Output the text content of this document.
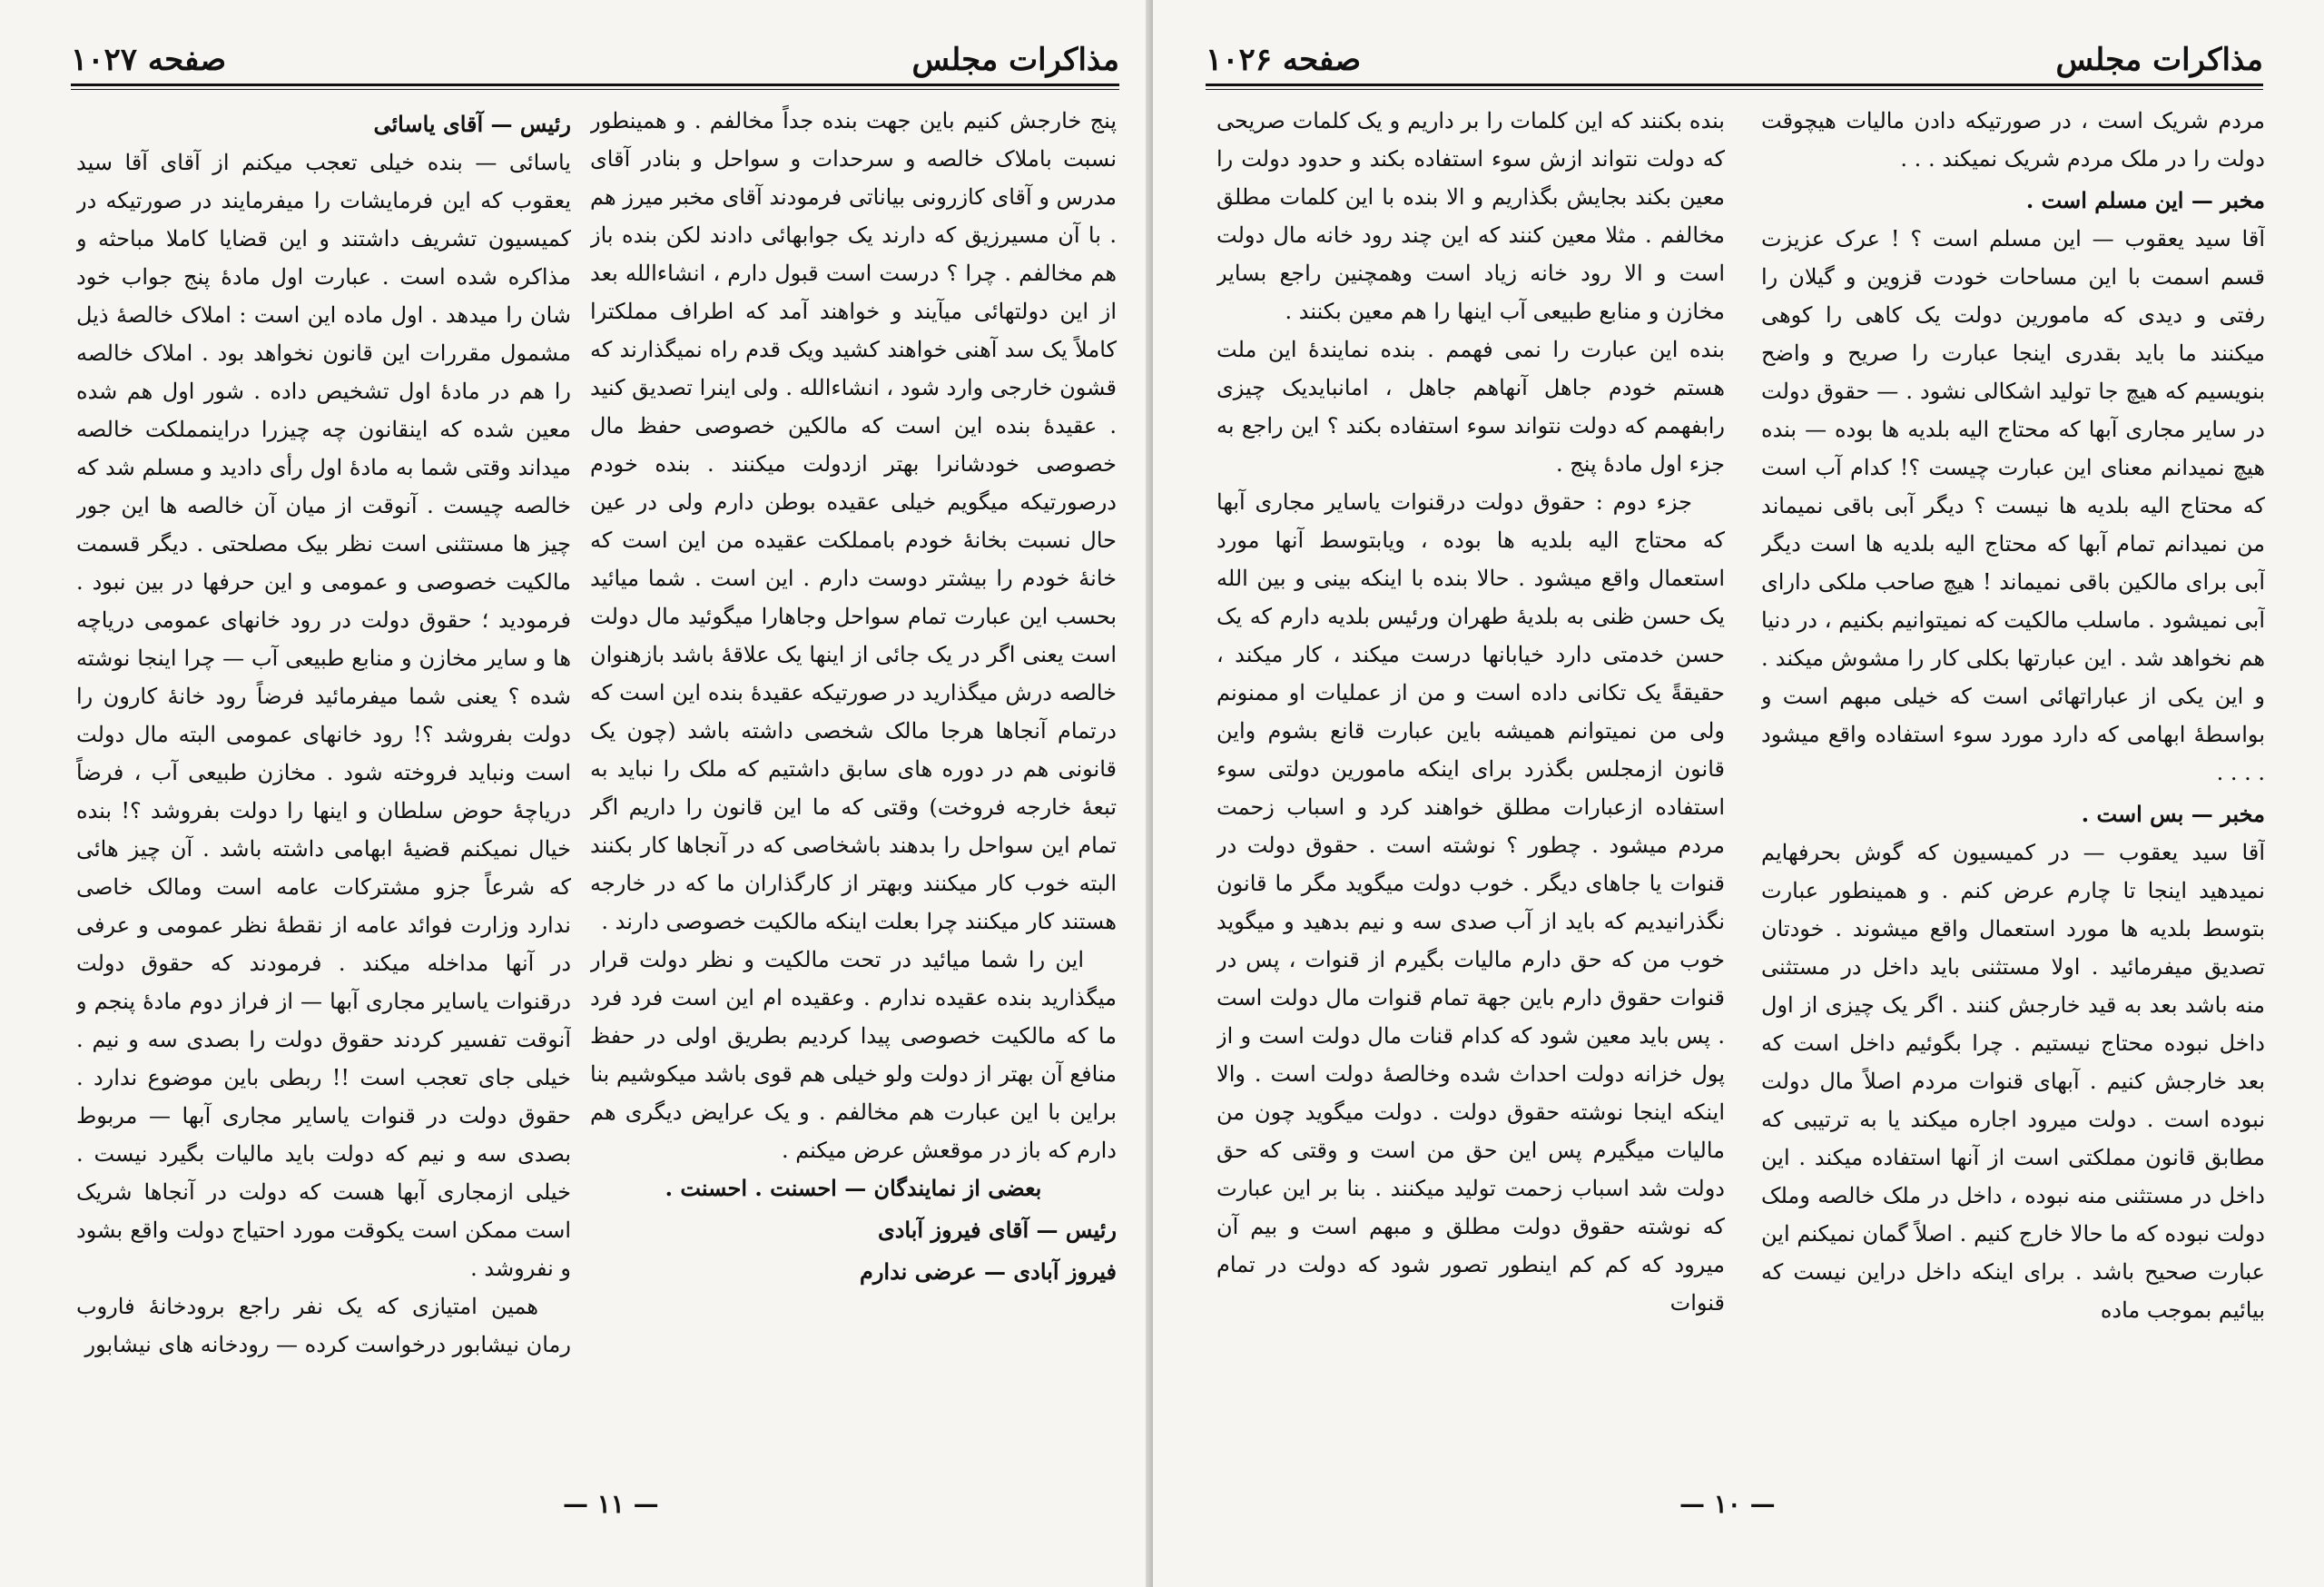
مذاکرات مجلس
صفحه ۱۰۲۷

پنج خارجش کنیم باین جهت بنده جداً مخالفم . و همینطور نسبت باملاک خالصه و سرحدات و سواحل و بنادر آقای مدرس و آقای کازرونی بیاناتی فرمودند آقای مخبر میرز هم . با آن مسیرزیق که دارند یک جوابهائی دادند لکن بنده باز هم مخالفم . چرا ؟ درست است قبول دارم ، انشاءالله بعد از این دولتهائی میآیند و خواهند آمد که اطراف مملکترا کاملاً یک سد آهنی خواهند کشید ویک قدم راه نمیگذارند که قشون خارجی وارد شود ، انشاءالله . ولی اینرا تصدیق کنید . عقیدهٔ بنده این است که مالکین خصوصی حفظ مال خصوصی خودشانرا بهتر ازدولت میکنند . بنده خودم درصورتیکه میگویم خیلی عقیده بوطن دارم ولی در عین حال نسبت بخانهٔ خودم بامملکت عقیده من این است که خانهٔ خودم را بیشتر دوست دارم . این است . شما میائید بحسب این عبارت تمام سواحل وجاهارا میگوئید مال دولت است یعنی اگر در یک جائی از اینها یک علاقهٔ باشد بازهنوان خالصه درش میگذارید در صورتیکه عقیدهٔ بنده این است که درتمام آنجاها هرجا مالک شخصی داشته باشد (چون یک قانونی هم در دوره های سابق داشتیم که ملک را نباید به تبعهٔ خارجه فروخت) وقتی که ما این قانون را داریم اگر تمام این سواحل را بدهند باشخاصی که در آنجاها کار بکنند البته خوب کار میکنند وبهتر از کارگذاران ما که در خارجه هستند کار میکنند چرا بعلت اینکه مالکیت خصوصی دارند .

این را شما میائید در تحت مالکیت و نظر دولت قرار میگذارید بنده عقیده ندارم . وعقیده ام این است فرد فرد ما که مالکیت خصوصی پیدا کردیم بطریق اولی در حفظ منافع آن بهتر از دولت ولو خیلی هم قوی باشد میکوشیم بنا براین با این عبارت هم مخالفم . و یک عرایض دیگری هم دارم که باز در موقعش عرض میکنم .

بعضی از نمایندگان — احسنت . احسنت .

رئیس — آقای فیروز آبادی

فیروز آبادی — عرضی ندارم

رئیس — آقای یاسائی

یاسائی — بنده خیلی تعجب میکنم از آقای آقا سید یعقوب که این فرمایشات را میفرمایند در صورتیکه در کمیسیون تشریف داشتند و این قضایا کاملا مباحثه و مذاکره شده است . عبارت اول مادهٔ پنج جواب خود شان را میدهد . اول ماده این است : املاک خالصهٔ ذیل مشمول مقررات این قانون نخواهد بود . املاک خالصه را هم در مادهٔ اول تشخیص داده . شور اول هم شده معین شده که اینقانون چه چیزرا دراینمملکت خالصه میداند وقتی شما به مادهٔ اول رأی دادید و مسلم شد که خالصه چیست . آنوقت از میان آن خالصه ها این جور چیز ها مستثنی است نظر بیک مصلحتی . دیگر قسمت مالکیت خصوصی و عمومی و این حرفها در بین نبود . فرمودید ؛ حقوق دولت در رود خانهای عمومی دریاچه ها و سایر مخازن و منابع طبیعی آب — چرا اینجا نوشته شده ؟ یعنی شما میفرمائید فرضاً رود خانهٔ کارون را دولت بفروشد ؟! رود خانهای عمومی البته مال دولت است ونباید فروخته شود . مخازن طبیعی آب ، فرضاً دریاچهٔ حوض سلطان و اینها را دولت بفروشد ؟! بنده خیال نمیکنم قضیهٔ ابهامی داشته باشد . آن چیز هائی که شرعاً جزو مشترکات عامه است ومالک خاصی ندارد وزارت فوائد عامه از نقطهٔ نظر عمومی و عرفی در آنها مداخله میکند . فرمودند که حقوق دولت درقنوات یاسایر مجاری آبها — از فراز دوم مادهٔ پنجم و آنوقت تفسیر کردند حقوق دولت را بصدی سه و نیم . خیلی جای تعجب است !! ربطی باین موضوع ندارد . حقوق دولت در قنوات یاسایر مجاری آبها — مربوط بصدی سه و نیم که دولت باید مالیات بگیرد نیست . خیلی ازمجاری آبها هست که دولت در آنجاها شریک است ممکن است یکوقت مورد احتیاج دولت واقع بشود و نفروشد .

همین امتیازی که یک نفر راجع برودخانهٔ فاروب رمان نیشابور درخواست کرده — رودخانه های نیشابور

— ۱۱ —
مذاکرات مجلس
صفحه ۱۰۲۶

مردم شریک است ، در صورتیکه دادن مالیات هیچوقت دولت را در ملک مردم شریک نمیکند . . .

مخبر — این مسلم است .

آقا سید یعقوب — این مسلم است ؟ ! عرک عزیزت قسم اسمت با این مساحات خودت قزوین و گیلان را رفتی و دیدی که مامورین دولت یک کاهی را کوهی میکنند ما باید بقدری اینجا عبارت را صریح و واضح بنویسیم که هیچ جا تولید اشکالی نشود . — حقوق دولت در سایر مجاری آبها که محتاج الیه بلدیه ها بوده — بنده هیچ نمیدانم معنای این عبارت چیست ؟! کدام آب است که محتاج الیه بلدیه ها نیست ؟ دیگر آبی باقی نمیماند من نمیدانم تمام آبها که محتاج الیه بلدیه ها است دیگر آبی برای مالکین باقی نمیماند ! هیچ صاحب ملکی دارای آبی نمیشود . ماسلب مالکیت که نمیتوانیم بکنیم ، در دنیا هم نخواهد شد . این عبارتها بکلی کار را مشوش میکند . و این یکی از عباراتهائی است که خیلی مبهم است و بواسطهٔ ابهامی که دارد مورد سوء استفاده واقع میشود . . . .

مخبر — بس است .

آقا سید یعقوب — در کمیسیون که گوش بحرفهایم نمیدهید اینجا تا چارم عرض کنم . و همینطور عبارت بتوسط بلدیه ها مورد استعمال واقع میشوند . خودتان تصدیق میفرمائید . اولا مستثنی باید داخل در مستثنی منه باشد بعد به قید خارجش کنند . اگر یک چیزی از اول داخل نبوده محتاج نیستیم . چرا بگوئیم داخل است که بعد خارجش کنیم . آبهای قنوات مردم اصلاً مال دولت نبوده است . دولت میرود اجاره میکند یا به ترتیبی که مطابق قانون مملکتی است از آنها استفاده میکند . این داخل در مستثنی منه نبوده ، داخل در ملک خالصه وملک دولت نبوده که ما حالا خارج کنیم . اصلاً گمان نمیکنم این عبارت صحیح باشد . برای اینکه داخل دراین نیست که بیائیم بموجب ماده

بنده بکنند که این کلمات را بر داریم و یک کلمات صریحی که دولت نتواند ازش سوء استفاده بکند و حدود دولت را معین بکند بجایش بگذاریم و الا بنده با این کلمات مطلق مخالفم . مثلا معین کنند که این چند رود خانه مال دولت است و الا رود خانه زیاد است وهمچنین راجع بسایر مخازن و منابع طبیعی آب اینها را هم معین بکنند .

بنده این عبارت را نمی فهمم . بنده نمایندهٔ این ملت هستم خودم جاهل آنهاهم جاهل ، امانبایدیک چیزی رابفهمم که دولت نتواند سوء استفاده بکند ؟ این راجع به جزء اول مادهٔ پنج .

جزء دوم : حقوق دولت درقنوات یاسایر مجاری آبها که محتاج الیه بلدیه ها بوده ، ویابتوسط آنها مورد استعمال واقع میشود . حالا بنده با اینکه بینی و بین الله یک حسن ظنی به بلدیهٔ طهران ورئیس بلدیه دارم که یک حسن خدمتی دارد خیابانها درست میکند ، کار میکند ، حقیقةً یک تکانی داده است و من از عملیات او ممنونم ولی من نمیتوانم همیشه باین عبارت قانع بشوم واین قانون ازمجلس بگذرد برای اینکه مامورین دولتی سوء استفاده ازعبارات مطلق خواهند کرد و اسباب زحمت مردم میشود . چطور ؟ نوشته است . حقوق دولت در قنوات یا جاهای دیگر . خوب دولت میگوید مگر ما قانون نگذرانیدیم که باید از آب صدی سه و نیم بدهید و میگوید خوب من که حق دارم مالیات بگیرم از قنوات ، پس در قنوات حقوق دارم باین جهة تمام قنوات مال دولت است . پس باید معین شود که کدام قنات مال دولت است و از پول خزانه دولت احداث شده وخالصهٔ دولت است . والا اینکه اینجا نوشته حقوق دولت . دولت میگوید چون من مالیات میگیرم پس این حق من است و وقتی که حق دولت شد اسباب زحمت تولید میکنند . بنا بر این عبارت که نوشته حقوق دولت مطلق و مبهم است و بیم آن میرود که کم کم اینطور تصور شود که دولت در تمام قنوات

— ۱۰ —
